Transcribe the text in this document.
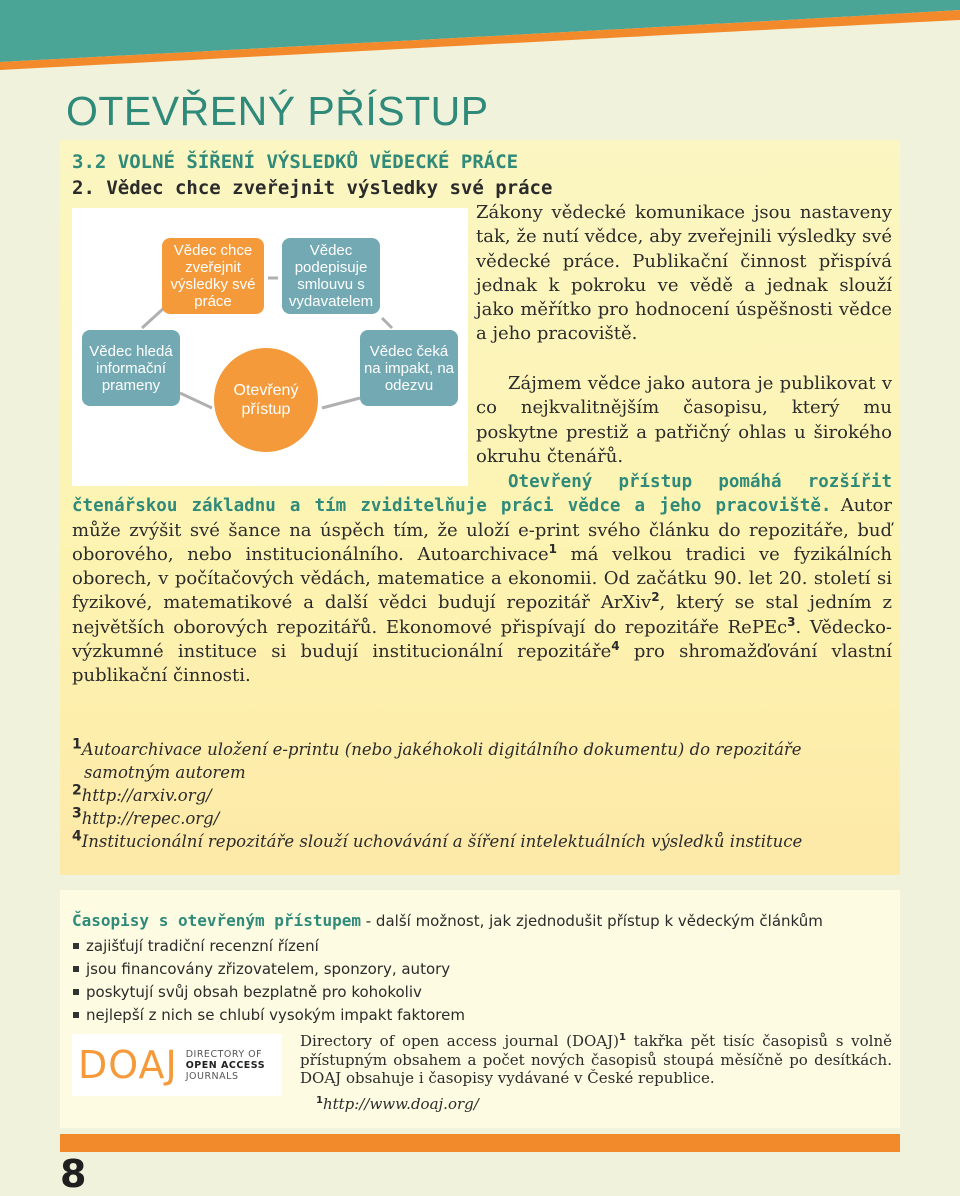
OTEVŘENÝ PŘÍSTUP
3.2 VOLNÉ ŠÍŘENÍ VÝSLEDKŮ VĚDECKÉ PRÁCE
2. Vědec chce zveřejnit výsledky své práce
Vědec chce zveřejnit výsledky své práce
Vědec podepisuje smlouvu s vydavatelem
Vědec čeká na impakt, na odezvu
Vědec hledá informační prameny	Otevřený přístup

Zákony vědecké komunikace jsou nastaveny tak, že nutí vědce, aby zveřejnili výsledky své vědecké práce. Publikační činnost přispívá jednak k pokroku ve vědě a jednak slouží jako měřítko pro hodnocení úspěšnosti vědce a jeho pracoviště.

Zájmem vědce jako autora je publikovat v co nejkvalitnějším časopisu, který mu poskytne prestiž a patřičný ohlas u širokého okruhu čtenářů.

Otevřený přístup pomáhá rozšířit čtenářskou základnu a tím zviditelňuje práci vědce a jeho pracoviště. Autor může zvýšit své šance na úspěch tím, že uloží e-print svého článku do repozitáře, buď oborového, nebo institucionálního. Autoarchivace$^1$ má velkou tradici ve fyzikálních oborech, v počítačových vědách, matematice a ekonomii. Od začátku 90. let 20. století si fyzikové, matematikové a další vědci budují repozitář ArXiv$^2$, který se stal jedním z největších oborových repozitářů. Ekonomové přispívají do repozitáře RePEc$^3$. Vědecko-výzkumné instituce si budují institucionální repozitáře$^4$ pro shromažďování vlastní publikační činnosti.

$^1$Autoarchivace uložení e-printu (nebo jakéhokoli digitálního dokumentu) do repozitáře
samotným autorem

$^2$http://arxiv.org/

$^3$http://repec.org/

$^4$Institucionální repozitáře slouží uchovávání a šíření intelektuálních výsledků instituce

Časopisy s otevřeným přístupem - další možnost, jak zjednodušit přístup k vědeckým článkům

zajišťují tradiční recenzní řízení
jsou financovány zřizovatelem, sponzory, autory
poskytují svůj obsah bezplatně pro kohokoliv
nejlepší z nich se chlubí vysokým impakt faktorem
DOAJ DIRECTORY OF
OPEN ACCESS
JOURNALS

Directory of open access journal (DOAJ)$^1$ takřka pět tisíc časopisů s volně přístupným obsahem a počet nových časopisů stoupá měsíčně po desítkách. DOAJ obsahuje i časopisy vydávané v České republice.

$^1$http://www.doaj.org/

8
